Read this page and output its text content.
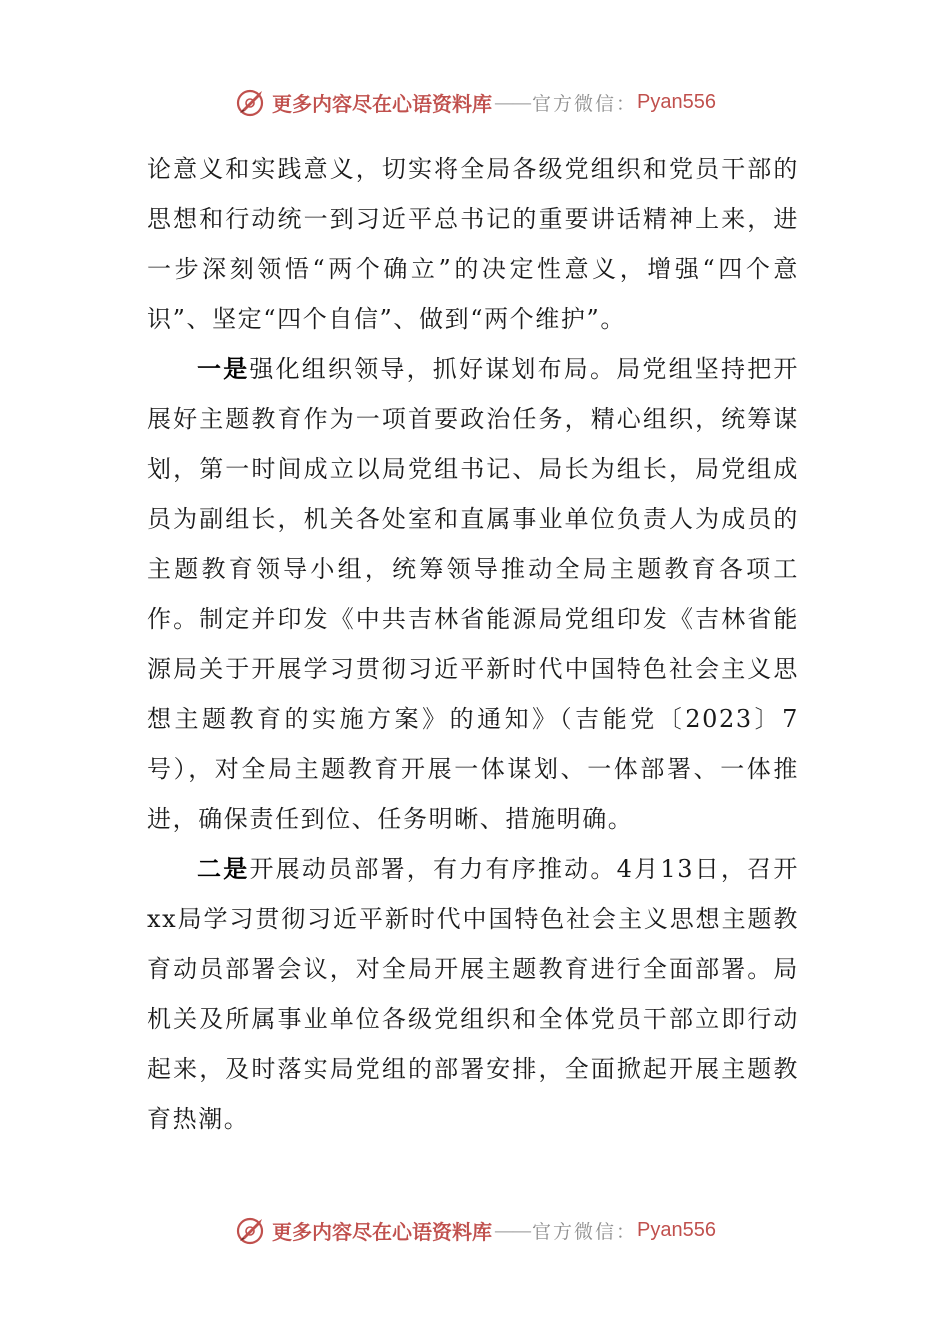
更多内容尽在心语资料库 —— 官方微信： Pyan556

论意义和实践意义，切实将全局各级党组织和党员干部的思想和行动统一到习近平总书记的重要讲话精神上来，进一步深刻领悟“两个确立”的决定性意义，增强“四个意识”、坚定“四个自信”、做到“两个维护”。

一是强化组织领导，抓好谋划布局。局党组坚持把开展好主题教育作为一项首要政治任务，精心组织，统筹谋划，第一时间成立以局党组书记、局长为组长，局党组成员为副组长，机关各处室和直属事业单位负责人为成员的主题教育领导小组，统筹领导推动全局主题教育各项工作。制定并印发《中共吉林省能源局党组印发《吉林省能源局关于开展学习贯彻习近平新时代中国特色社会主义思想主题教育的实施方案》的通知》（吉能党〔2023〕7号），对全局主题教育开展一体谋划、一体部署、一体推进，确保责任到位、任务明晰、措施明确。

二是开展动员部署，有力有序推动。4月13日，召开xx局学习贯彻习近平新时代中国特色社会主义思想主题教育动员部署会议，对全局开展主题教育进行全面部署。局机关及所属事业单位各级党组织和全体党员干部立即行动起来，及时落实局党组的部署安排，全面掀起开展主题教育热潮。

更多内容尽在心语资料库 —— 官方微信： Pyan556
